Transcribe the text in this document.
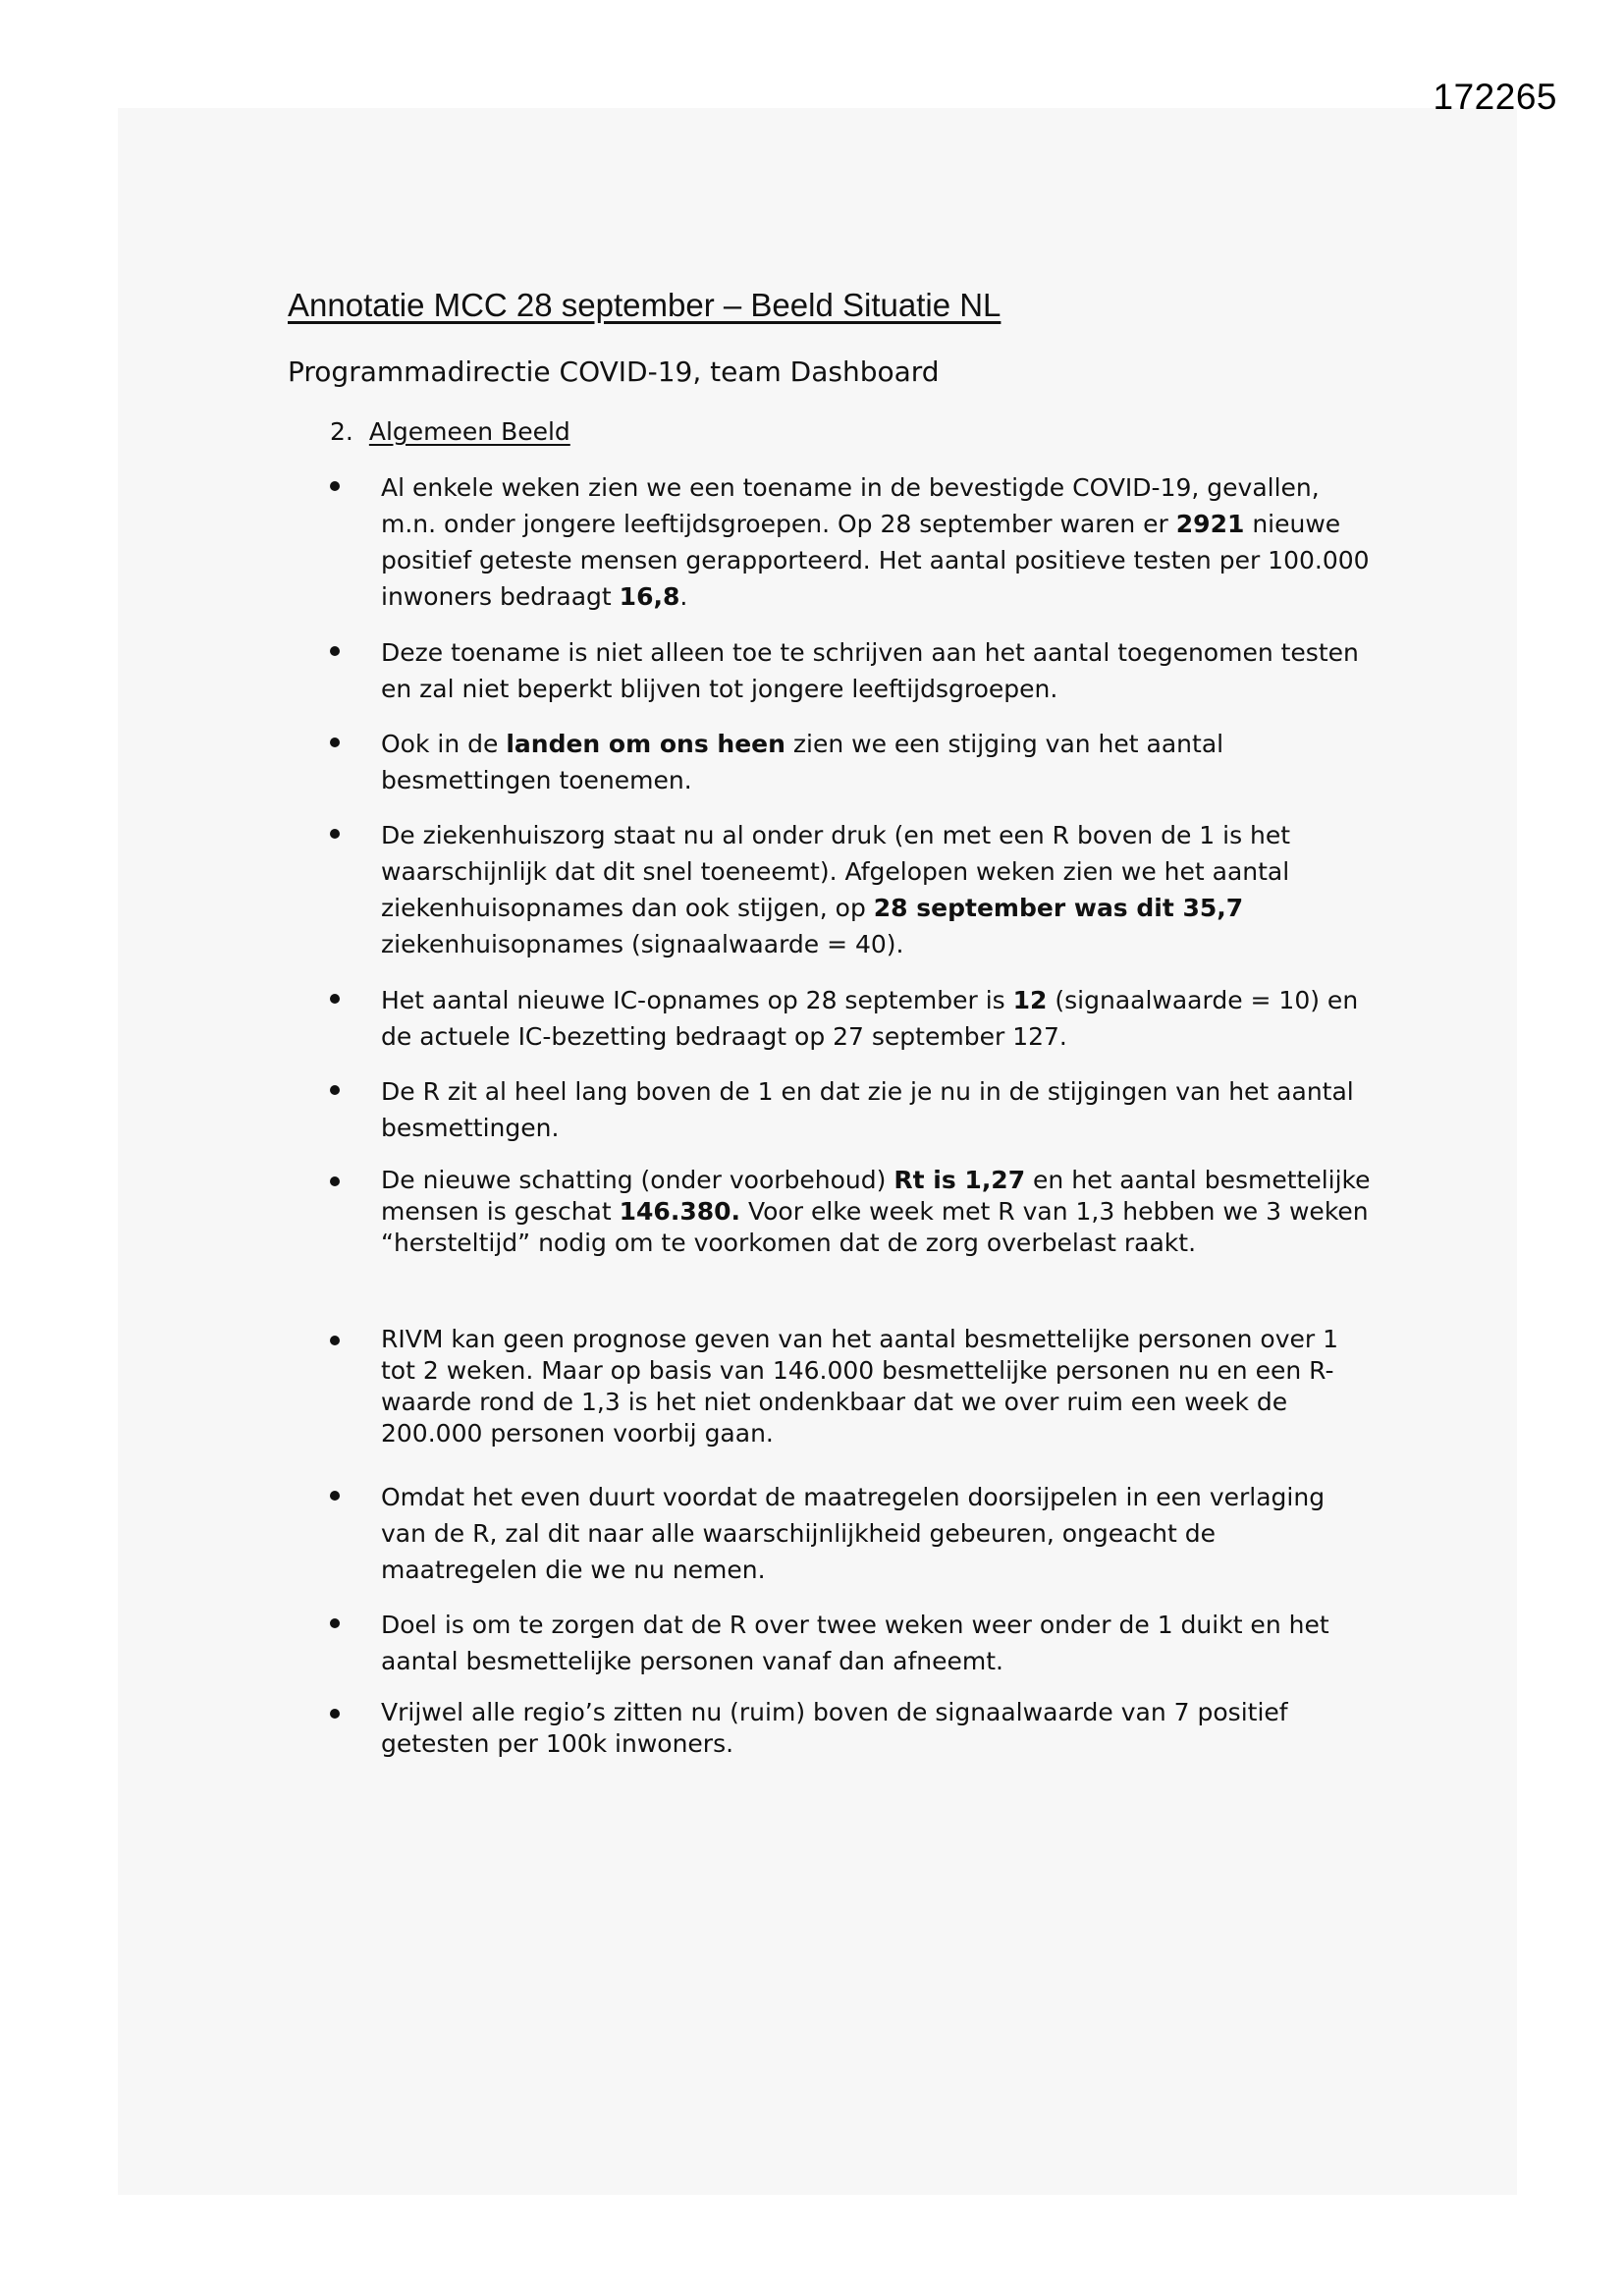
172265
Annotatie MCC 28 september – Beeld Situatie NL
Programmadirectie COVID-19, team Dashboard
2. Algemeen Beeld
Al enkele weken zien we een toename in de bevestigde COVID-19, gevallen, m.n. onder jongere leeftijdsgroepen. Op 28 september waren er 2921 nieuwe positief geteste mensen gerapporteerd. Het aantal positieve testen per 100.000 inwoners bedraagt 16,8.
Deze toename is niet alleen toe te schrijven aan het aantal toegenomen testen en zal niet beperkt blijven tot jongere leeftijdsgroepen.
Ook in de landen om ons heen zien we een stijging van het aantal besmettingen toenemen.
De ziekenhuiszorg staat nu al onder druk (en met een R boven de 1 is het waarschijnlijk dat dit snel toeneemt). Afgelopen weken zien we het aantal ziekenhuisopnames dan ook stijgen, op 28 september was dit 35,7 ziekenhuisopnames (signaalwaarde = 40).
Het aantal nieuwe IC-opnames op 28 september is 12 (signaalwaarde = 10) en de actuele IC-bezetting bedraagt op 27 september 127.
De R zit al heel lang boven de 1 en dat zie je nu in de stijgingen van het aantal besmettingen.
De nieuwe schatting (onder voorbehoud) Rt is 1,27 en het aantal besmettelijke mensen is geschat 146.380. Voor elke week met R van 1,3 hebben we 3 weken “hersteltijd” nodig om te voorkomen dat de zorg overbelast raakt.
RIVM kan geen prognose geven van het aantal besmettelijke personen over 1 tot 2 weken. Maar op basis van 146.000 besmettelijke personen nu en een R-waarde rond de 1,3 is het niet ondenkbaar dat we over ruim een week de 200.000 personen voorbij gaan.
Omdat het even duurt voordat de maatregelen doorsijpelen in een verlaging van de R, zal dit naar alle waarschijnlijkheid gebeuren, ongeacht de maatregelen die we nu nemen.
Doel is om te zorgen dat de R over twee weken weer onder de 1 duikt en het aantal besmettelijke personen vanaf dan afneemt.
Vrijwel alle regio’s zitten nu (ruim) boven de signaalwaarde van 7 positief getesten per 100k inwoners.
